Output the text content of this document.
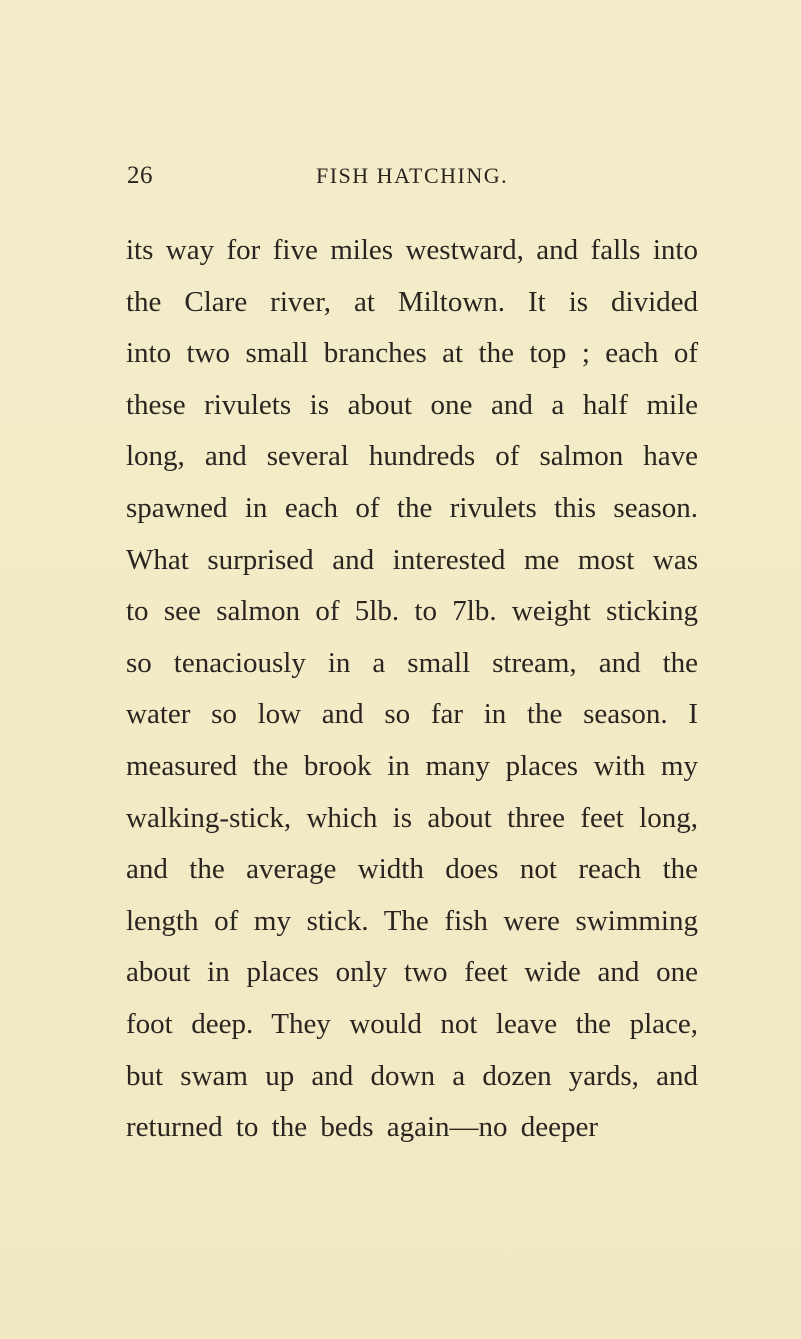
26	FISH HATCHING.
its way for five miles westward, and falls into
the Clare river, at Miltown. It is divided
into two small branches at the top ; each of
these rivulets is about one and a half mile
long, and several hundreds of salmon have
spawned in each of the rivulets this season.
What surprised and interested me most was
to see salmon of 5lb. to 7lb. weight sticking
so tenaciously in a small stream, and the
water so low and so far in the season. I
measured the brook in many places with my
walking-stick, which is about three feet long,
and the average width does not reach the
length of my stick. The fish were swimming
about in places only two feet wide and one
foot deep. They would not leave the place,
but swam up and down a dozen yards, and
returned to the beds again—no deeper
